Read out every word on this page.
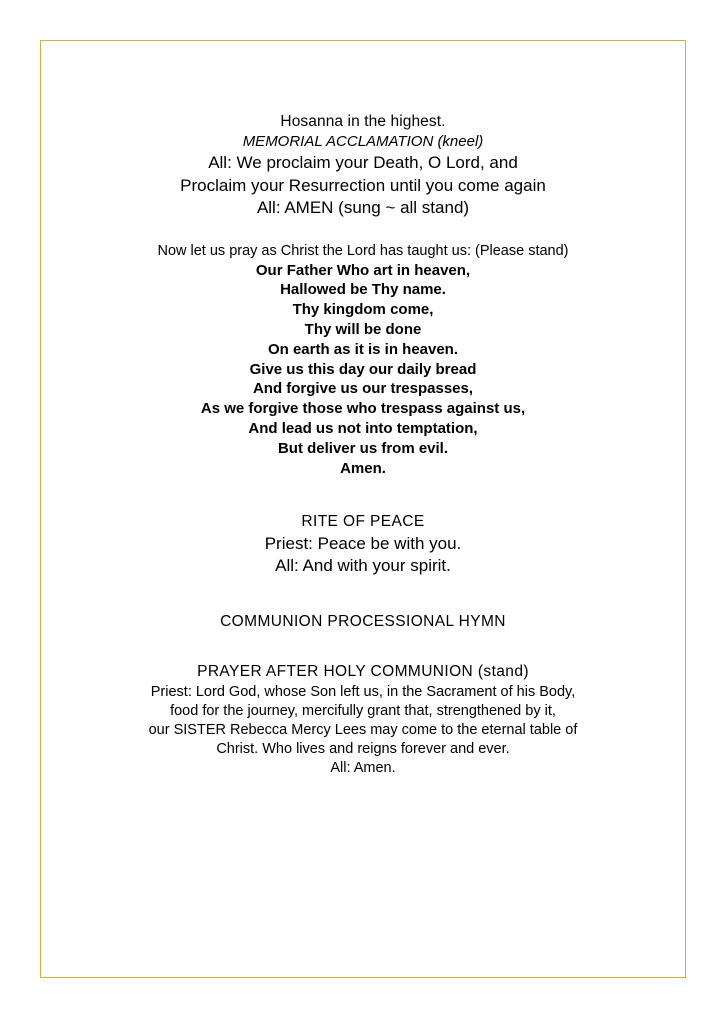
Hosanna in the highest.

MEMORIAL ACCLAMATION (kneel)

All: We proclaim your Death, O Lord, and

Proclaim your Resurrection until you come again

All: AMEN (sung ~ all stand)

Now let us pray as Christ the Lord has taught us: (Please stand)

Our Father Who art in heaven,

Hallowed be Thy name.

Thy kingdom come,

Thy will be done

On earth as it is in heaven.

Give us this day our daily bread

And forgive us our trespasses,

As we forgive those who trespass against us,

And lead us not into temptation,

But deliver us from evil.

Amen.

RITE OF PEACE

Priest: Peace be with you.

All: And with your spirit.

COMMUNION PROCESSIONAL HYMN

PRAYER AFTER HOLY COMMUNION (stand)

Priest: Lord God, whose Son left us, in the Sacrament of his Body,

food for the journey, mercifully grant that, strengthened by it,

our SISTER Rebecca Mercy Lees may come to the eternal table of

Christ. Who lives and reigns forever and ever.

All: Amen.
